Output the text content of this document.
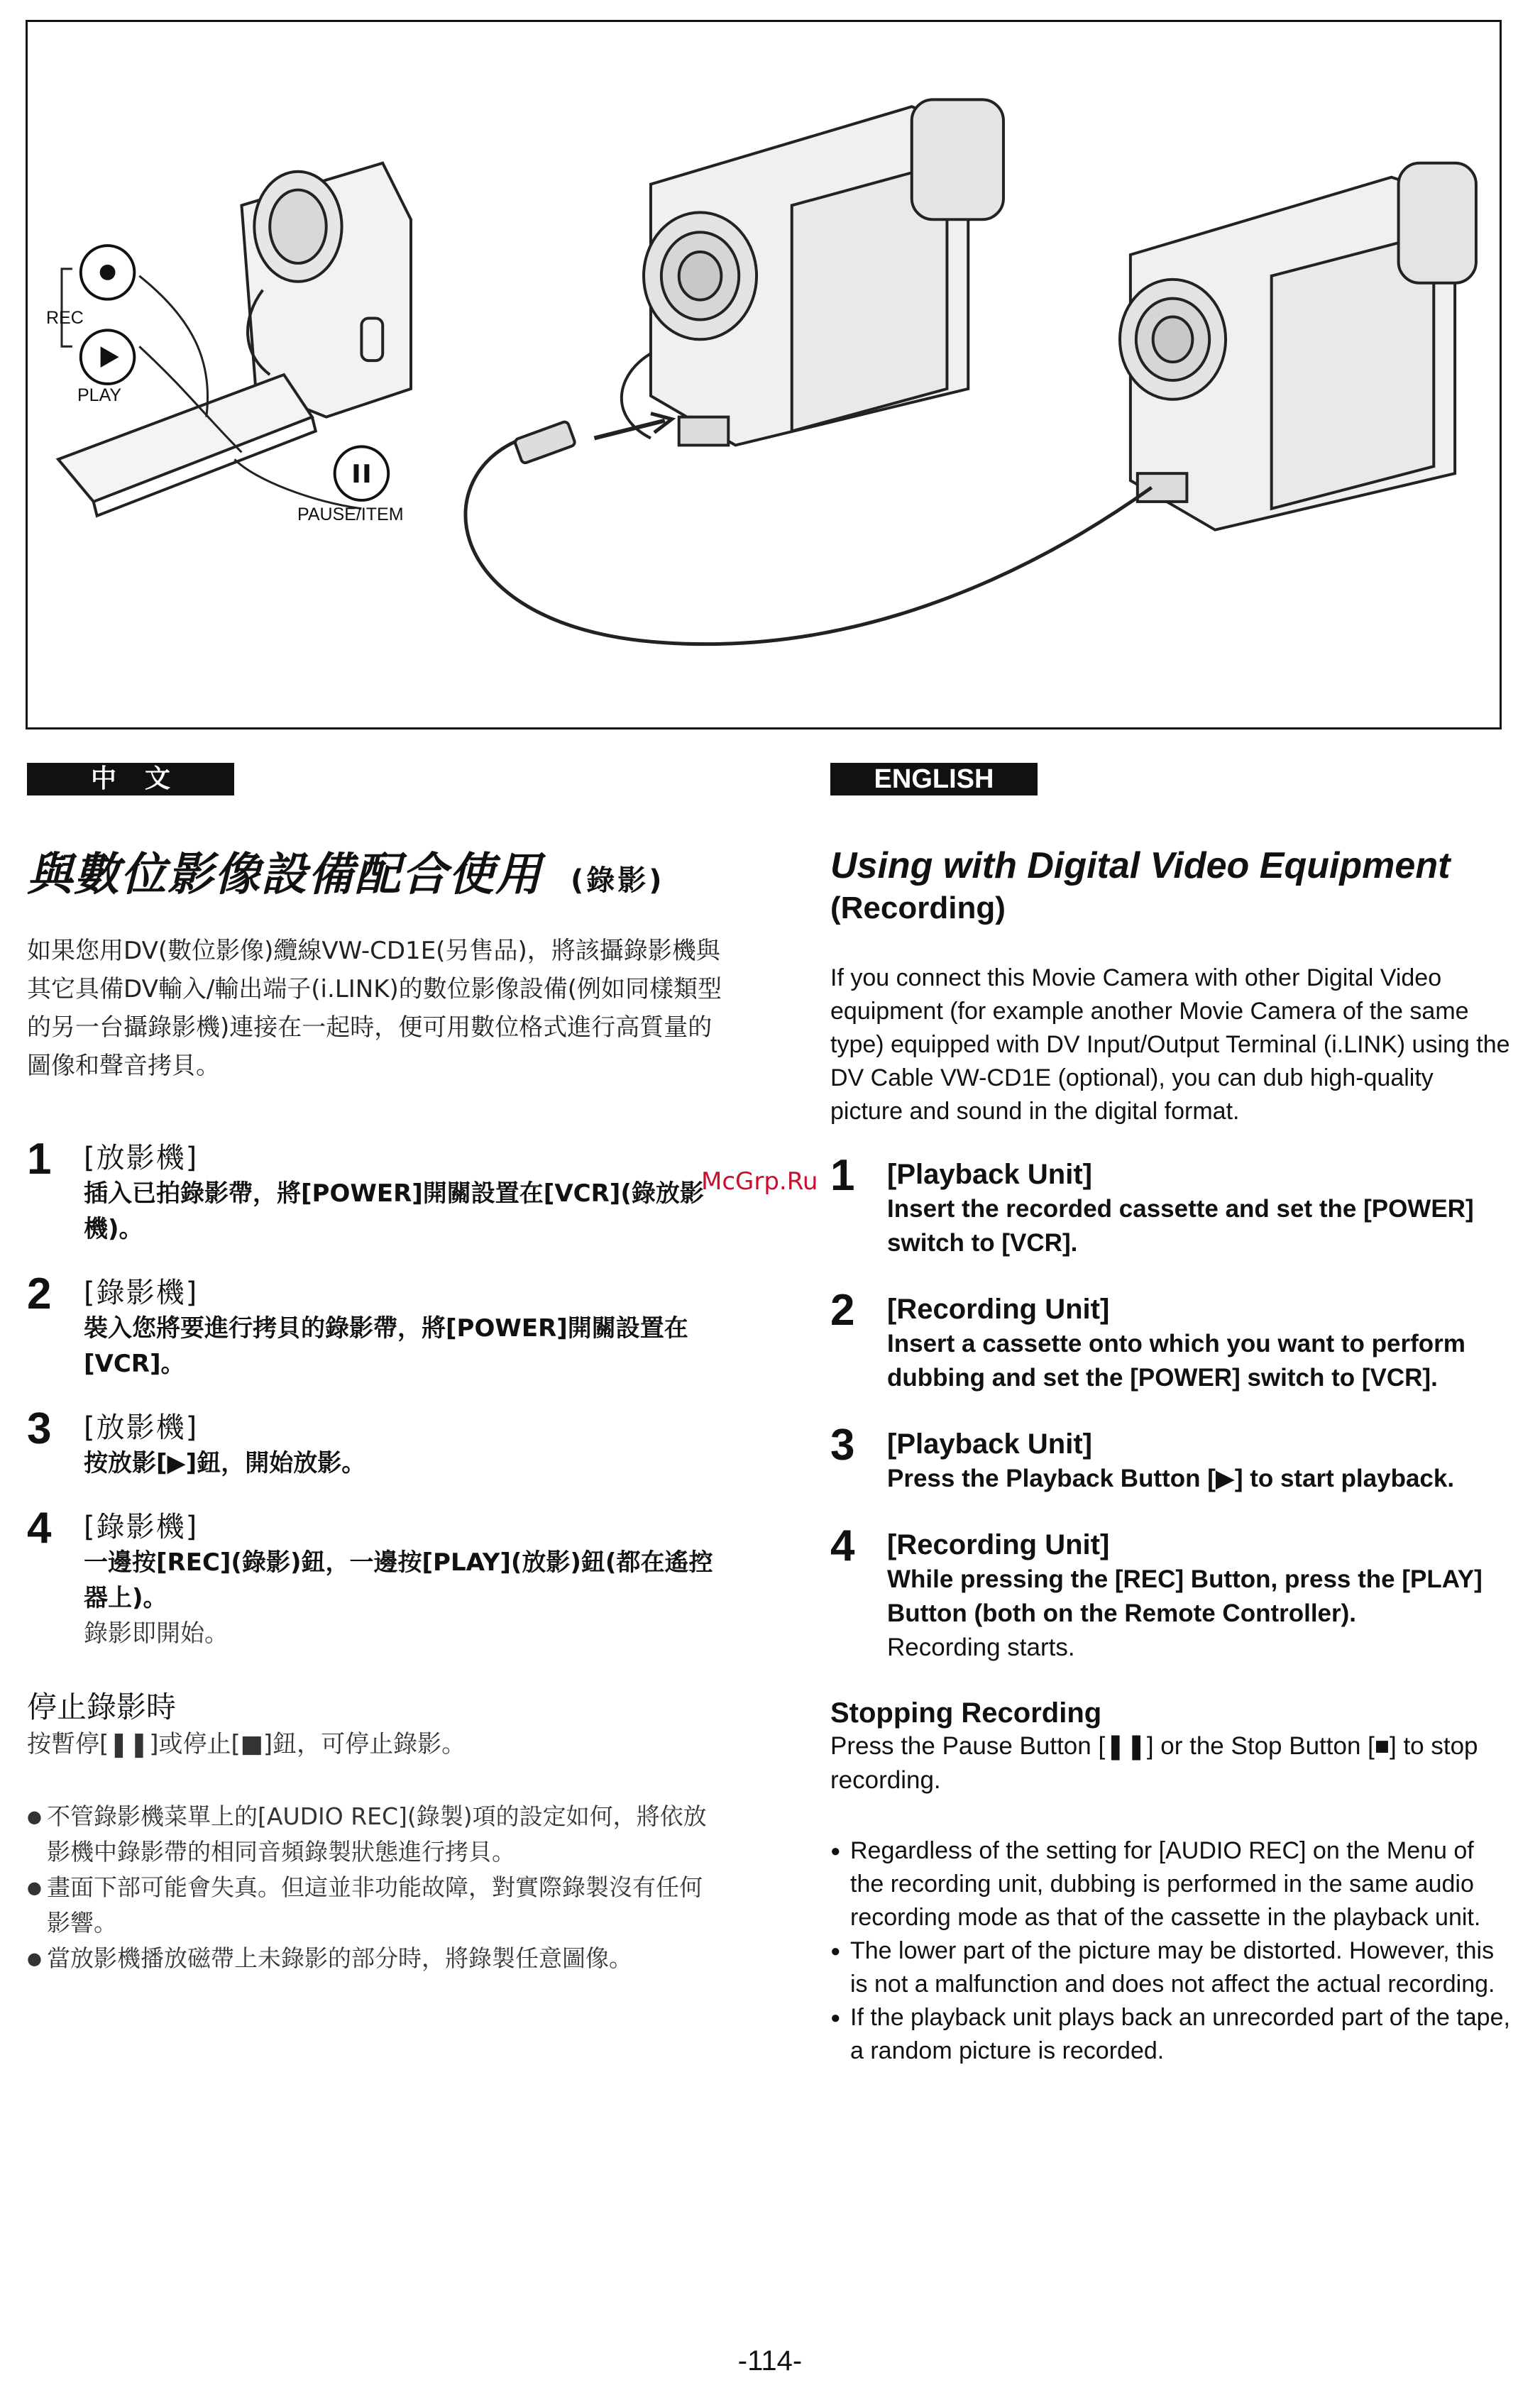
REC
PLAY
PAUSE/ITEM
中文
與數位影像設備配合使用 (錄影)
如果您用DV(數位影像)纜線VW-CD1E(另售品)，將該攝錄影機與其它具備DV輸入/輸出端子(i.LINK)的數位影像設備(例如同樣類型的另一台攝錄影機)連接在一起時，便可用數位格式進行高質量的圖像和聲音拷貝。
1 [放影機]
插入已拍錄影帶，將[POWER]開關設置在[VCR](錄放影機)。
2 [錄影機]
裝入您將要進行拷貝的錄影帶，將[POWER]開關設置在[VCR]。
3 [放影機]
按放影[▶]鈕，開始放影。
4 [錄影機]
一邊按[REC](錄影)鈕，一邊按[PLAY](放影)鈕(都在遙控器上)。
錄影即開始。
停止錄影時
按暫停[❚❚]或停止[■]鈕，可停止錄影。
● 不管錄影機菜單上的[AUDIO REC](錄製)項的設定如何，將依放影機中錄影帶的相同音頻錄製狀態進行拷貝。
● 畫面下部可能會失真。但這並非功能故障，對實際錄製沒有任何影響。
● 當放影機播放磁帶上未錄影的部分時，將錄製任意圖像。
ENGLISH
Using with Digital Video Equipment
(Recording)
If you connect this Movie Camera with other Digital Video equipment (for example another Movie Camera of the same type) equipped with DV Input/Output Terminal (i.LINK) using the DV Cable VW-CD1E (optional), you can dub high-quality picture and sound in the digital format.
1 [Playback Unit]
Insert the recorded cassette and set the [POWER] switch to [VCR].
2 [Recording Unit]
Insert a cassette onto which you want to perform dubbing and set the [POWER] switch to [VCR].
3 [Playback Unit]
Press the Playback Button [▶] to start playback.
4 [Recording Unit]
While pressing the [REC] Button, press the [PLAY] Button (both on the Remote Controller).
Recording starts.
Stopping Recording
Press the Pause Button [❚❚] or the Stop Button [■] to stop recording.
● Regardless of the setting for [AUDIO REC] on the Menu of the recording unit, dubbing is performed in the same audio recording mode as that of the cassette in the playback unit.
● The lower part of the picture may be distorted. However, this is not a malfunction and does not affect the actual recording.
● If the playback unit plays back an unrecorded part of the tape, a random picture is recorded.
McGrp.Ru
-114-
